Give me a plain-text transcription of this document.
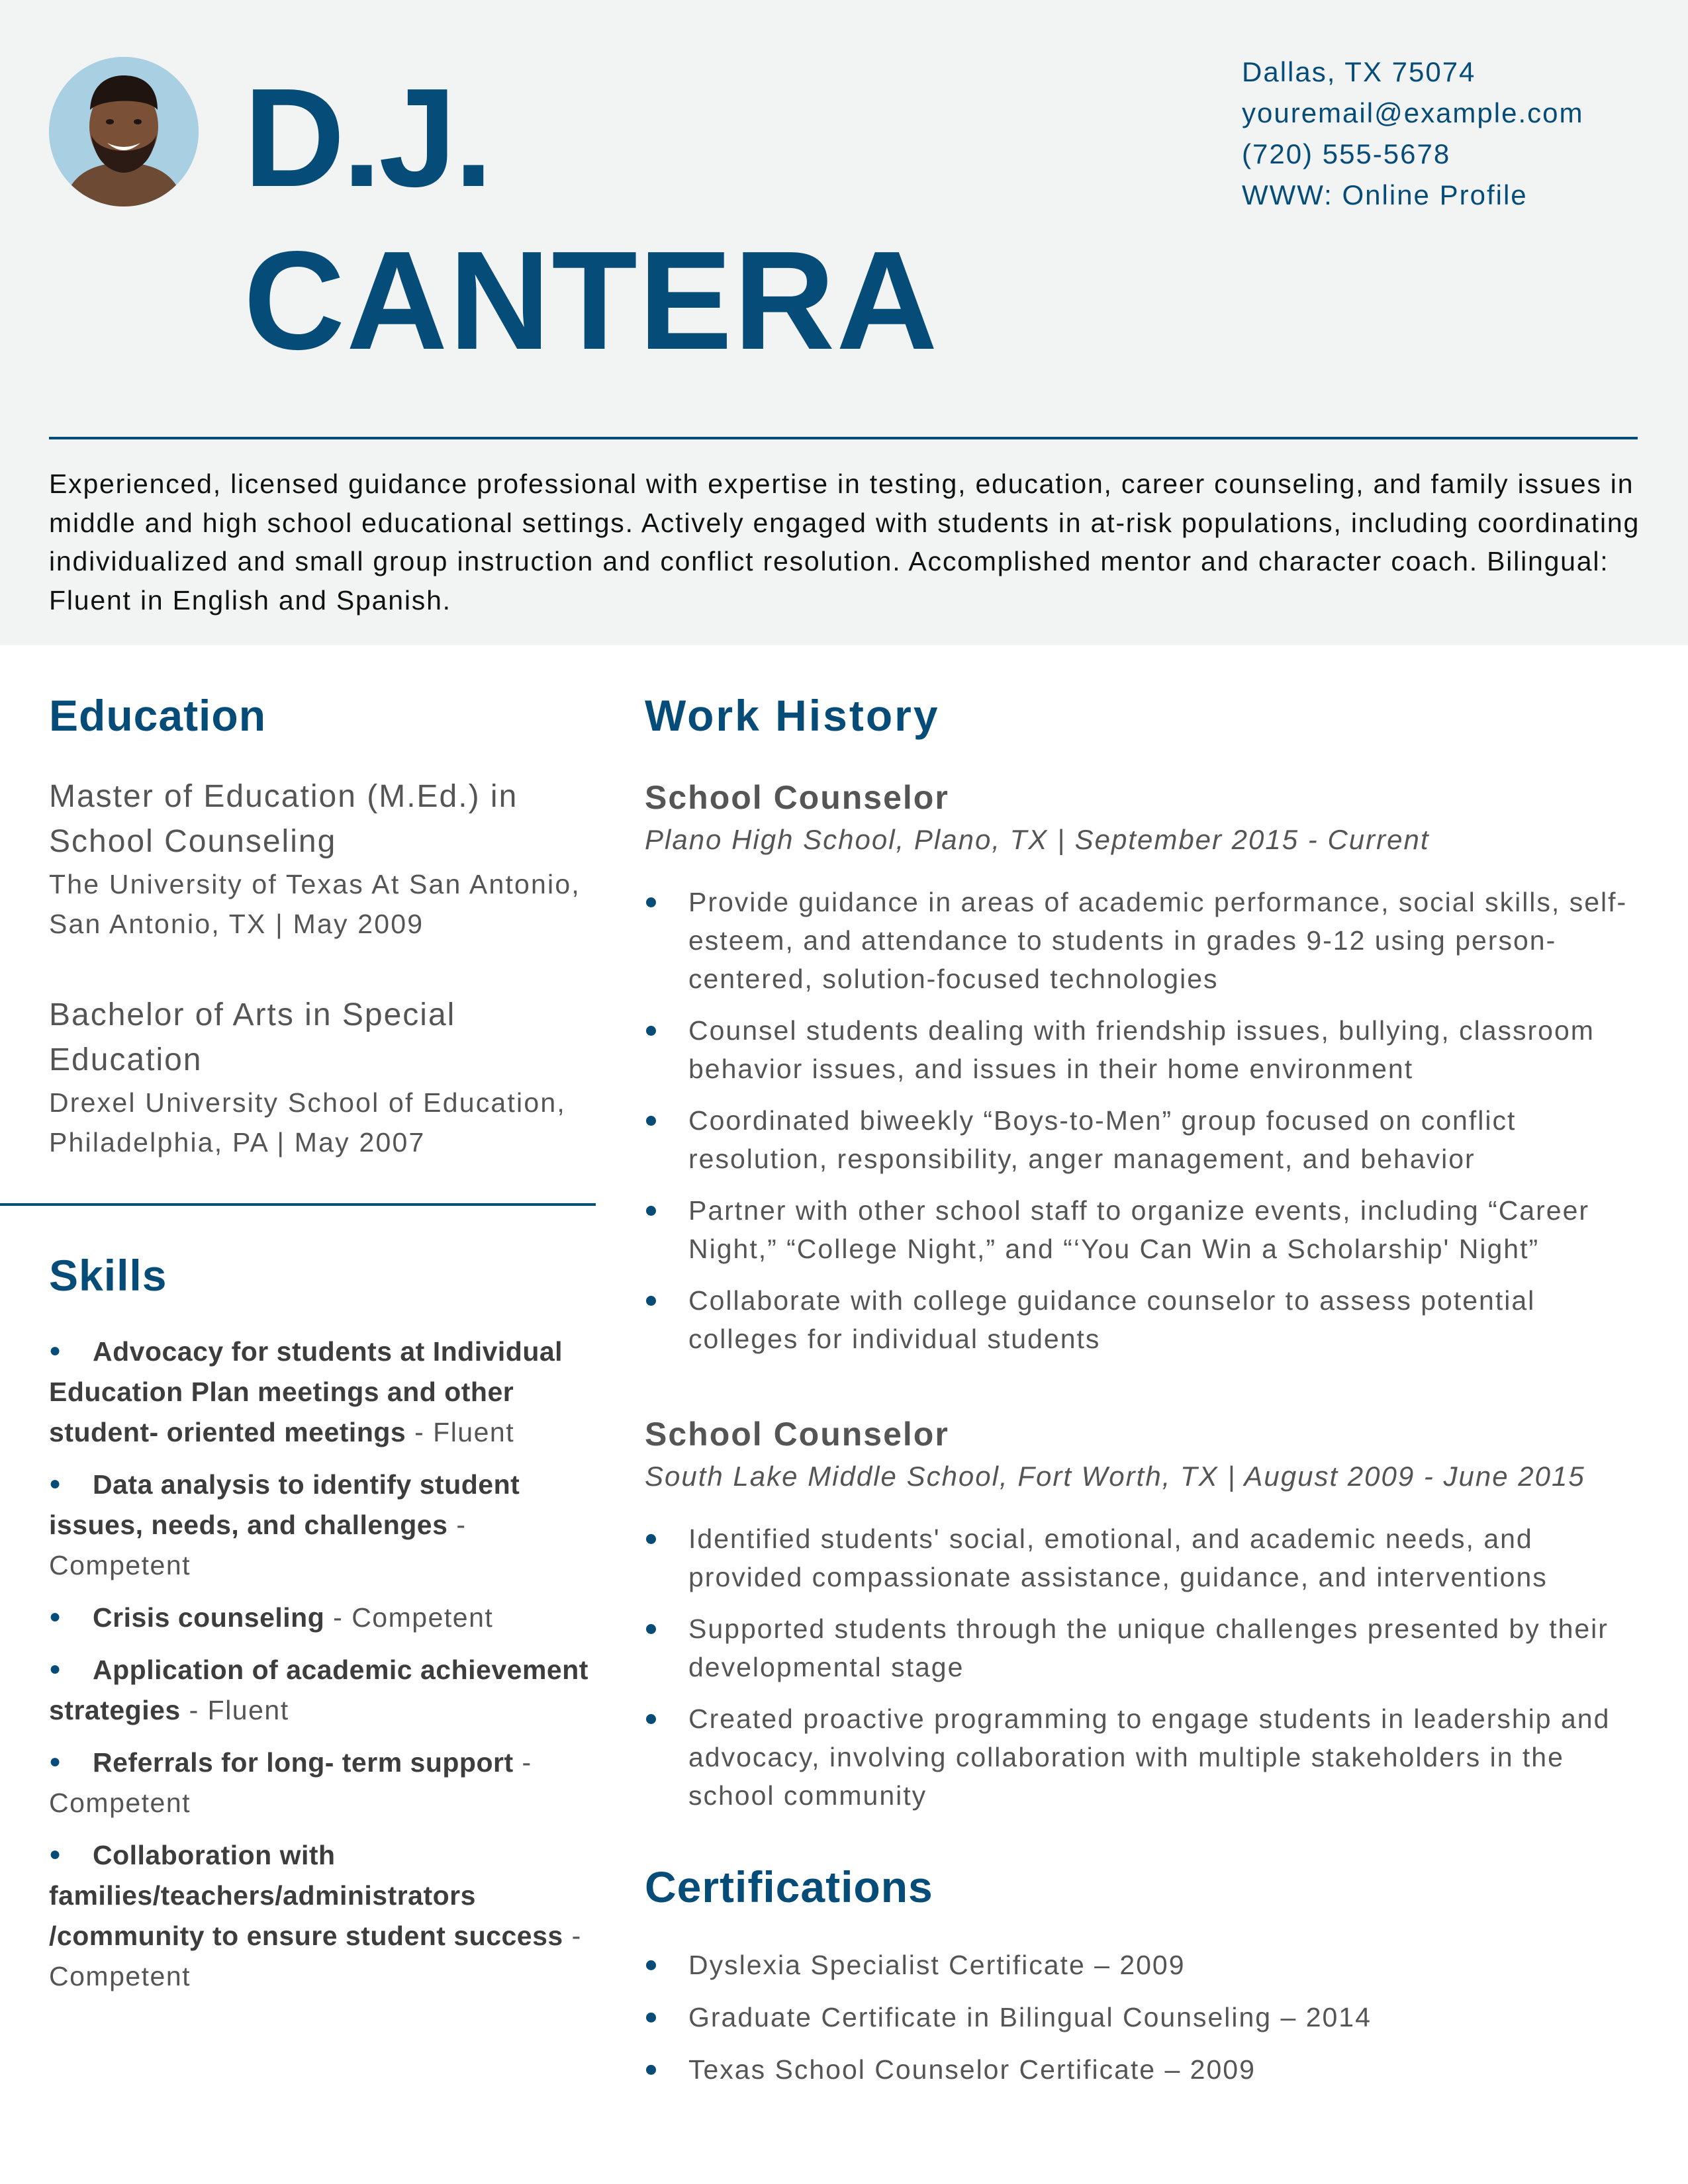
D.J.
CANTERA
Dallas, TX 75074
youremail@example.com
(720) 555-5678
WWW: Online Profile

Experienced, licensed guidance professional with expertise in testing, education, career counseling, and family issues in middle and high school educational settings. Actively engaged with students in at-risk populations, including coordinating individualized and small group instruction and conflict resolution. Accomplished mentor and character coach. Bilingual: Fluent in English and Spanish.

Education
Master of Education (M.Ed.) in School Counseling
The University of Texas At San Antonio, San Antonio, TX | May 2009
Bachelor of Arts in Special Education
Drexel University School of Education, Philadelphia, PA | May 2007
Skills
● Advocacy for students at Individual Education Plan meetings and other student- oriented meetings - Fluent
● Data analysis to identify student issues, needs, and challenges - Competent
● Crisis counseling - Competent
● Application of academic achievement strategies - Fluent
● Referrals for long- term support - Competent
● Collaboration with families/teachers/administrators /community to ensure student success - Competent
Work History
School Counselor
Plano High School, Plano, TX | September 2015 - Current
Provide guidance in areas of academic performance, social skills, self-esteem, and attendance to students in grades 9-12 using person-centered, solution-focused technologies
Counsel students dealing with friendship issues, bullying, classroom behavior issues, and issues in their home environment
Coordinated biweekly “Boys-to-Men” group focused on conflict resolution, responsibility, anger management, and behavior
Partner with other school staff to organize events, including “Career Night,” “College Night,” and “‘You Can Win a Scholarship' Night”
Collaborate with college guidance counselor to assess potential colleges for individual students
School Counselor
South Lake Middle School, Fort Worth, TX | August 2009 - June 2015
Identified students' social, emotional, and academic needs, and provided compassionate assistance, guidance, and interventions
Supported students through the unique challenges presented by their developmental stage
Created proactive programming to engage students in leadership and advocacy, involving collaboration with multiple stakeholders in the school community
Certifications
Dyslexia Specialist Certificate – 2009
Graduate Certificate in Bilingual Counseling – 2014
Texas School Counselor Certificate – 2009
